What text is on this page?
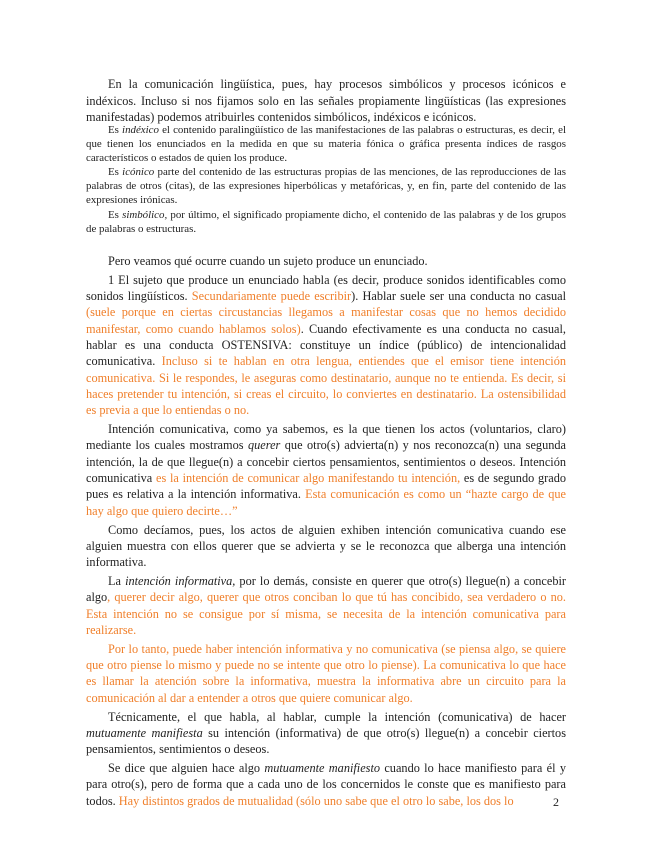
En la comunicación lingüística, pues, hay procesos simbólicos y procesos icónicos e indéxicos. Incluso si nos fijamos solo en las señales propiamente lingüísticas (las expresiones manifestadas) podemos atribuirles contenidos simbólicos, indéxicos e icónicos.

Es indéxico el contenido paralingüístico de las manifestaciones de las palabras o estructuras, es decir, el que tienen los enunciados en la medida en que su materia fónica o gráfica presenta índices de rasgos característicos o estados de quien los produce.

Es icónico parte del contenido de las estructuras propias de las menciones, de las reproducciones de las palabras de otros (citas), de las expresiones hiperbólicas y metafóricas, y, en fin, parte del contenido de las expresiones irónicas.

Es simbólico, por último, el significado propiamente dicho, el contenido de las palabras y de los grupos de palabras o estructuras.

Pero veamos qué ocurre cuando un sujeto produce un enunciado.

1 El sujeto que produce un enunciado habla (es decir, produce sonidos identificables como sonidos lingüísticos. Secundariamente puede escribir). Hablar suele ser una conducta no casual (suele porque en ciertas circustancias llegamos a manifestar cosas que no hemos decidido manifestar, como cuando hablamos solos). Cuando efectivamente es una conducta no casual, hablar es una conducta OSTENSIVA: constituye un índice (público) de intencionalidad comunicativa. Incluso si te hablan en otra lengua, entiendes que el emisor tiene intención comunicativa. Si le respondes, le aseguras como destinatario, aunque no te entienda. Es decir, si haces pretender tu intención, si creas el circuito, lo conviertes en destinatario. La ostensibilidad es previa a que lo entiendas o no.

Intención comunicativa, como ya sabemos, es la que tienen los actos (voluntarios, claro) mediante los cuales mostramos querer que otro(s) advierta(n) y nos reconozca(n) una segunda intención, la de que llegue(n) a concebir ciertos pensamientos, sentimientos o deseos. Intención comunicativa es la intención de comunicar algo manifestando tu intención, es de segundo grado pues es relativa a la intención informativa. Esta comunicación es como un “hazte cargo de que hay algo que quiero decirte…”

Como decíamos, pues, los actos de alguien exhiben intención comunicativa cuando ese alguien muestra con ellos querer que se advierta y se le reconozca que alberga una intención informativa.

La intención informativa, por lo demás, consiste en querer que otro(s) llegue(n) a concebir algo, querer decir algo, querer que otros conciban lo que tú has concibido, sea verdadero o no. Esta intención no se consigue por sí misma, se necesita de la intención comunicativa para realizarse.

Por lo tanto, puede haber intención informativa y no comunicativa (se piensa algo, se quiere que otro piense lo mismo y puede no se intente que otro lo piense). La comunicativa lo que hace es llamar la atención sobre la informativa, muestra la informativa abre un circuito para la comunicación al dar a entender a otros que quiere comunicar algo.

Técnicamente, el que habla, al hablar, cumple la intención (comunicativa) de hacer mutuamente manifiesta su intención (informativa) de que otro(s) llegue(n) a concebir ciertos pensamientos, sentimientos o deseos.

Se dice que alguien hace algo mutuamente manifiesto cuando lo hace manifiesto para él y para otro(s), pero de forma que a cada uno de los concernidos le conste que es manifiesto para todos. Hay distintos grados de mutualidad (sólo uno sabe que el otro lo sabe, los dos lo	2
